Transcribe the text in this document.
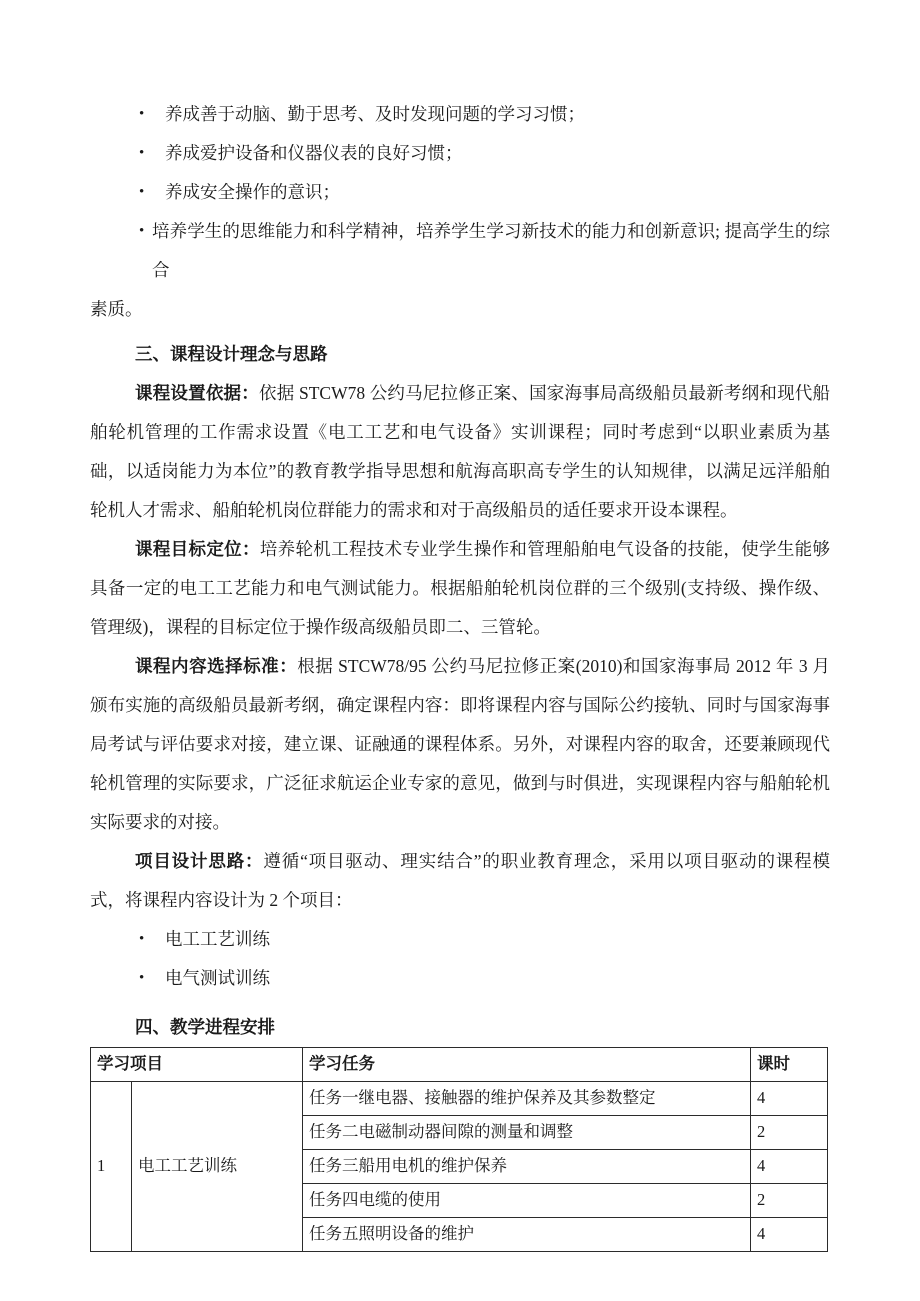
•	养成善于动脑、勤于思考、及时发现问题的学习习惯；
•	养成爱护设备和仪器仪表的良好习惯；
•	养成安全操作的意识；
• 培养学生的思维能力和科学精神，培养学生学习新技术的能力和创新意识; 提高学生的综合
素质。
三、课程设计理念与思路

课程设置依据：依据 STCW78 公约马尼拉修正案、国家海事局高级船员最新考纲和现代船舶轮机管理的工作需求设置《电工工艺和电气设备》实训课程；同时考虑到“以职业素质为基础，以适岗能力为本位”的教育教学指导思想和航海高职高专学生的认知规律，以满足远洋船舶轮机人才需求、船舶轮机岗位群能力的需求和对于高级船员的适任要求开设本课程。

课程目标定位：培养轮机工程技术专业学生操作和管理船舶电气设备的技能，使学生能够具备一定的电工工艺能力和电气测试能力。根据船舶轮机岗位群的三个级别(支持级、操作级、管理级)，课程的目标定位于操作级高级船员即二、三管轮。

课程内容选择标准：根据 STCW78/95 公约马尼拉修正案(2010)和国家海事局 2012 年 3 月颁布实施的高级船员最新考纲，确定课程内容：即将课程内容与国际公约接轨、同时与国家海事局考试与评估要求对接，建立课、证融通的课程体系。另外，对课程内容的取舍，还要兼顾现代轮机管理的实际要求，广泛征求航运企业专家的意见，做到与时俱进，实现课程内容与船舶轮机实际要求的对接。

项目设计思路：遵循“项目驱动、理实结合”的职业教育理念，采用以项目驱动的课程模式，将课程内容设计为 2 个项目：

•	电工工艺训练
•	电气测试训练
四、教学进程安排
学习项目		学习任务	课时
1	电工工艺训练	任务一继电器、接触器的维护保养及其参数整定	4
		任务二电磁制动器间隙的测量和调整	2
		任务三船用电机的维护保养	4
		任务四电缆的使用	2
		任务五照明设备的维护	4
